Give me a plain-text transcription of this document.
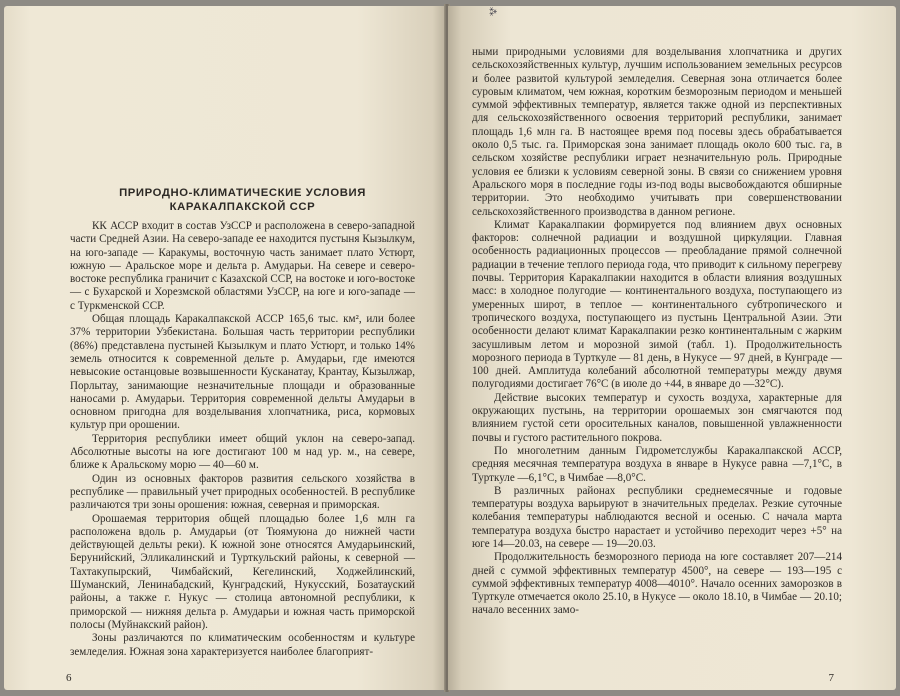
ПРИРОДНО-КЛИМАТИЧЕСКИЕ УСЛОВИЯ
КАРАКАЛПАКСКОЙ ССР

КК АССР входит в состав УзССР и расположена в северо-западной части Средней Азии. На северо-западе ее находится пустыня Кызылкум, на юго-западе — Каракумы, восточную часть занимает плато Устюрт, южную — Аральское море и дельта р. Амударьи. На севере и северо-востоке республика граничит с Казахской ССР, на востоке и юго-востоке — с Бухарской и Хорезмской областями УзССР, на юге и юго-западе — с Туркменской ССР.

Общая площадь Каракалпакской АССР 165,6 тыс. км², или более 37% территории Узбекистана. Большая часть территории республики (86%) представлена пустыней Кызылкум и плато Устюрт, и только 14% земель относится к современной дельте р. Амударьи, где имеются невысокие останцовые возвышенности Кусканатау, Крантау, Кызылжар, Порлытау, занимающие незначительные площади и образованные наносами р. Амударьи. Территория современной дельты Амударьи в основном пригодна для возделывания хлопчатника, риса, кормовых культур при орошении.

Территория республики имеет общий уклон на северо-запад. Абсолютные высоты на юге достигают 100 м над ур. м., на севере, ближе к Аральскому морю — 40—60 м.

Один из основных факторов развития сельского хозяйства в республике — правильный учет природных особенностей. В республике различаются три зоны орошения: южная, северная и приморская.

Орошаемая территория общей площадью более 1,6 млн га расположена вдоль р. Амударьи (от Тюямуюна до нижней части действующей дельты реки). К южной зоне относятся Амударьинский, Берунийский, Элликалинский и Турткульский районы, к северной — Тахтакупырский, Чимбайский, Кегелинский, Ходжейлинский, Шуманский, Ленинабадский, Кунградский, Нукусский, Бозатауский районы, а также г. Нукус — столица автономной республики, к приморской — нижняя дельта р. Амударьи и южная часть приморской полосы (Муйнакский район).

Зоны различаются по климатическим особенностям и культуре земледелия. Южная зона характеризуется наиболее благоприят-

6
⁂

ными природными условиями для возделывания хлопчатника и других сельскохозяйственных культур, лучшим использованием земельных ресурсов и более развитой культурой земледелия. Северная зона отличается более суровым климатом, чем южная, коротким безморозным периодом и меньшей суммой эффективных температур, является также одной из перспективных для сельскохозяйственного освоения территорий республики, занимает площадь 1,6 млн га. В настоящее время под посевы здесь обрабатывается около 0,5 тыс. га. Приморская зона занимает площадь около 600 тыс. га, в сельском хозяйстве республики играет незначительную роль. Природные условия ее близки к условиям северной зоны. В связи со снижением уровня Аральского моря в последние годы из-под воды высвобождаются обширные территории. Это необходимо учитывать при совершенствовании сельскохозяйственного производства в данном регионе.

Климат Каракалпакии формируется под влиянием двух основных факторов: солнечной радиации и воздушной циркуляции. Главная особенность радиационных процессов — преобладание прямой солнечной радиации в течение теплого периода года, что приводит к сильному перегреву почвы. Территория Каракалпакии находится в области влияния воздушных масс: в холодное полугодие — континентального воздуха, поступающего из умеренных широт, в теплое — континентального субтропического и тропического воздуха, поступающего из пустынь Центральной Азии. Эти особенности делают климат Каракалпакии резко континентальным с жарким засушливым летом и морозной зимой (табл. 1). Продолжительность морозного периода в Турткуле — 81 день, в Нукусе — 97 дней, в Кунграде — 100 дней. Амплитуда колебаний абсолютной температуры между двумя полугодиями достигает 76°С (в июле до +44, в январе до —32°С).

Действие высоких температур и сухость воздуха, характерные для окружающих пустынь, на территории орошаемых зон смягчаются под влиянием густой сети оросительных каналов, повышенной увлажненности почвы и густого растительного покрова.

По многолетним данным Гидрометслужбы Каракалпакской АССР, средняя месячная температура воздуха в январе в Нукусе равна —7,1°С, в Турткуле —6,1°С, в Чимбае —8,0°С.

В различных районах республики среднемесячные и годовые температуры воздуха варьируют в значительных пределах. Резкие суточные колебания температуры наблюдаются весной и осенью. С начала марта температура воздуха быстро нарастает и устойчиво переходит через +5° на юге 14—20.03, на севере — 19—20.03.

Продолжительность безморозного периода на юге составляет 207—214 дней с суммой эффективных температур 4500°, на севере — 193—195 с суммой эффективных температур 4008—4010°. Начало осенних заморозков в Турткуле отмечается около 25.10, в Нукусе — около 18.10, в Чимбае — 20.10; начало весенних замо-

7
